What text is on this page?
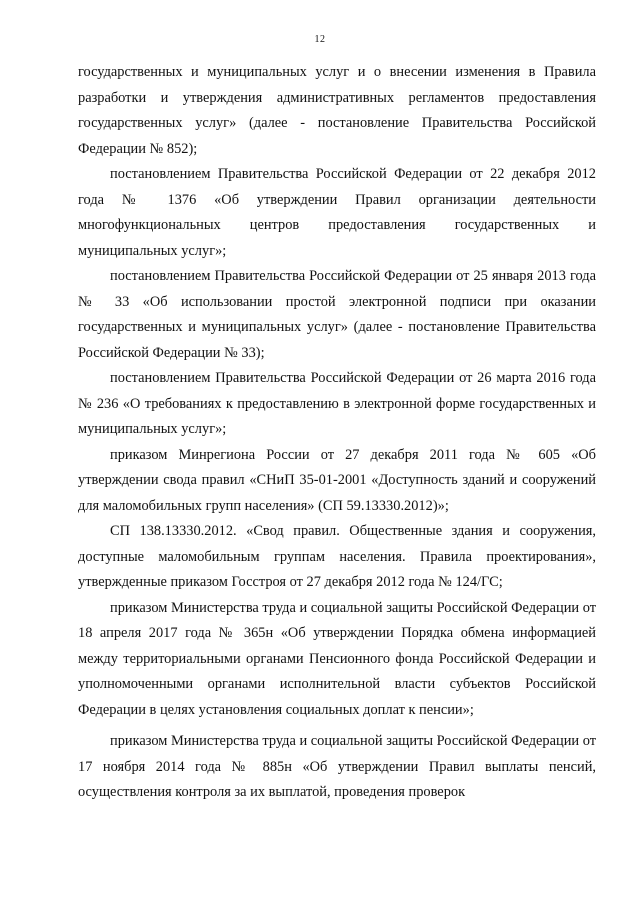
12

государственных и муниципальных услуг и о внесении изменения в Правила разработки и утверждения административных регламентов предоставления государственных услуг» (далее - постановление Правительства Российской Федерации № 852);

постановлением Правительства Российской Федерации от 22 декабря 2012 года № 1376 «Об утверждении Правил организации деятельности многофункциональных центров предоставления государственных и муниципальных услуг»;

постановлением Правительства Российской Федерации от 25 января 2013 года № 33 «Об использовании простой электронной подписи при оказании государственных и муниципальных услуг» (далее - постановление Правительства Российской Федерации № 33);

постановлением Правительства Российской Федерации от 26 марта 2016 года № 236 «О требованиях к предоставлению в электронной форме государственных и муниципальных услуг»;

приказом Минрегиона России от 27 декабря 2011 года № 605 «Об утверждении свода правил «СНиП 35-01-2001 «Доступность зданий и сооружений для маломобильных групп населения» (СП 59.13330.2012)»;

СП 138.13330.2012. «Свод правил. Общественные здания и сооружения, доступные маломобильным группам населения. Правила проектирования», утвержденные приказом Госстроя от 27 декабря 2012 года № 124/ГС;

приказом Министерства труда и социальной защиты Российской Федерации от 18 апреля 2017 года № 365н «Об утверждении Порядка обмена информацией между территориальными органами Пенсионного фонда Российской Федерации и уполномоченными органами исполнительной власти субъектов Российской Федерации в целях установления социальных доплат к пенсии»;

приказом Министерства труда и социальной защиты Российской Федерации от 17 ноября 2014 года № 885н «Об утверждении Правил выплаты пенсий, осуществления контроля за их выплатой, проведения проверок
